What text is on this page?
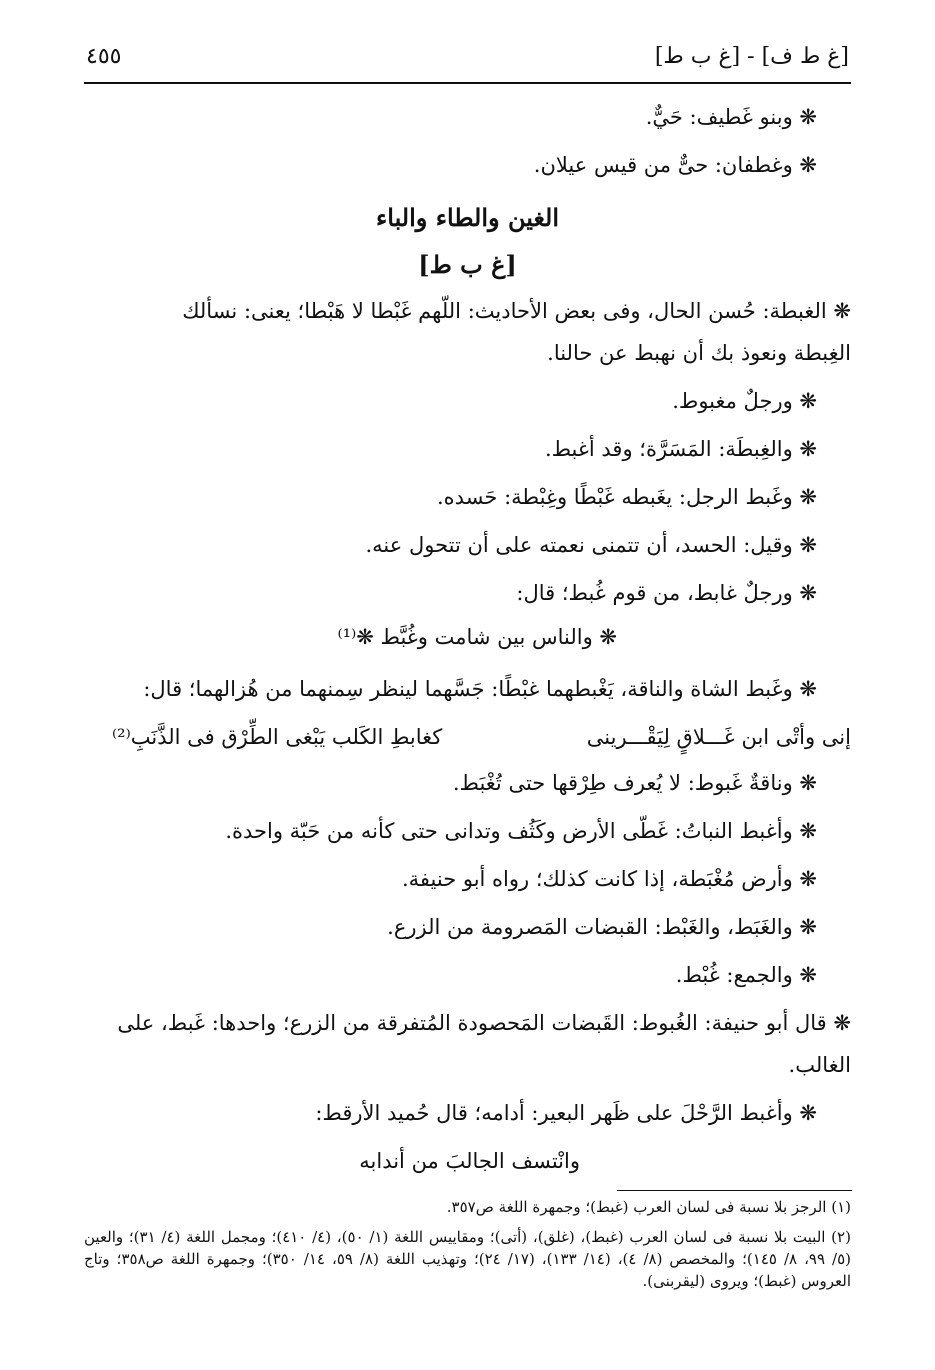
[غ ط ف] - [غ ب ط]
٤٥٥
❋ وبنو غَطيف: حَيٌّ.
❋ وغطفان: حىٌّ من قيس عيلان.
الغين والطاء والباء
[غ ب ط]
❋ الغبطة: حُسن الحال، وفى بعض الأحاديث: اللّهم غَبْطا لا هَبْطا؛ يعنى: نسألك
الغِبطة ونعوذ بك أن نهبط عن حالنا.
❋ ورجلٌ مغبوط.
❋ والغِبطَة: المَسَرَّة؛ وقد أغبط.
❋ وغَبط الرجل: يغَبطه غَبْطًا وغِبْطة: حَسده.
❋ وقيل: الحسد، أن تتمنى نعمته على أن تتحول عنه.
❋ ورجلٌ غابط، من قوم غُبط؛ قال:
❋ والناس بين شامت وغُبَّط ❋⁽¹⁾
❋ وغَبط الشاة والناقة، يَغْبطهما غبْطًا: جَسَّهما لينظر سِمنهما من هُزالهما؛ قال:
إنى وأتْى ابن غَـــلاقٍ لِيَقْـــرينى
كغابطِ الكَلب يَبْغى الطِّرْق فى الذَّنَبِ⁽²⁾
❋ وناقةٌ غَبوط: لا يُعرف طِرْقها حتى تُغْبَط.
❋ وأغبط النباتُ: غَطّى الأرض وكَثُف وتدانى حتى كأنه من حَبّة واحدة.
❋ وأرض مُغْبَطة، إذا كانت كذلك؛ رواه أبو حنيفة.
❋ والغَبَط، والغَبْط: القبضات المَصرومة من الزرع.
❋ والجمع: غُبْط.
❋ قال أبو حنيفة: الغُبوط: القَبضات المَحصودة المُتفرقة من الزرع؛ واحدها: غَبط، على
الغالب.
❋ وأغبط الرَّحْلَ على ظَهر البعير: أدامه؛ قال حُميد الأرقط:
وانْتسف الجالبَ من أندابه
(١) الرجز بلا نسبة فى لسان العرب (غبط)؛ وجمهرة اللغة ص٣٥٧.
(٢) البيت بلا نسبة فى لسان العرب (غبط)، (غلق)، (أتى)؛ ومقاييس اللغة (١/ ٥٠)، (٤/ ٤١٠)؛ ومجمل اللغة (٤/ ٣١)؛ والعين (٥/ ٩٩، ٨/ ١٤٥)؛ والمخصص (٨/ ٤)، (١٤/ ١٣٣)، (١٧/ ٢٤)؛ وتهذيب اللغة (٨/ ٥٩، ١٤/ ٣٥٠)؛ وجمهرة اللغة ص٣٥٨؛ وتاج العروس (غبط)؛ ويروى (ليقربنى).
